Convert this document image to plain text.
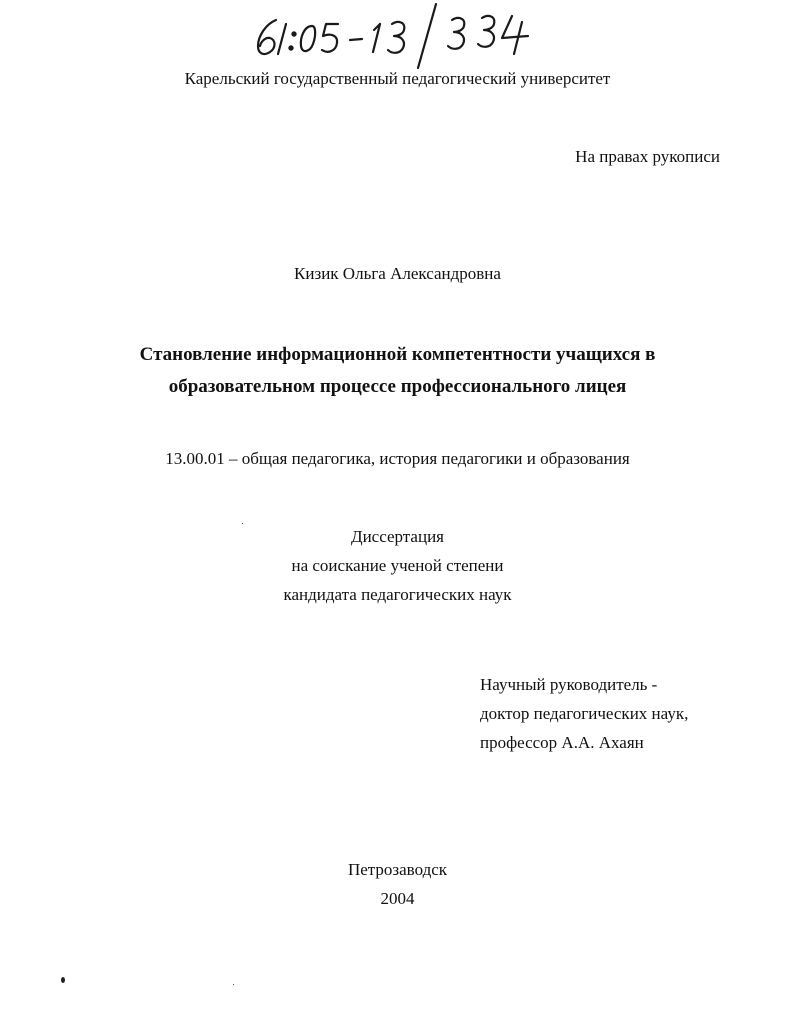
Карельский государственный педагогический университет
На правах рукописи
Кизик Ольга Александровна
Становление информационной компетентности учащихся в
образовательном процессе профессионального лицея
13.00.01 – общая педагогика, история педагогики и образования
Диссертация
на соискание ученой степени
кандидата педагогических наук
Научный руководитель -
доктор педагогических наук,
профессор А.А. Ахаян
Петрозаводск
2004
